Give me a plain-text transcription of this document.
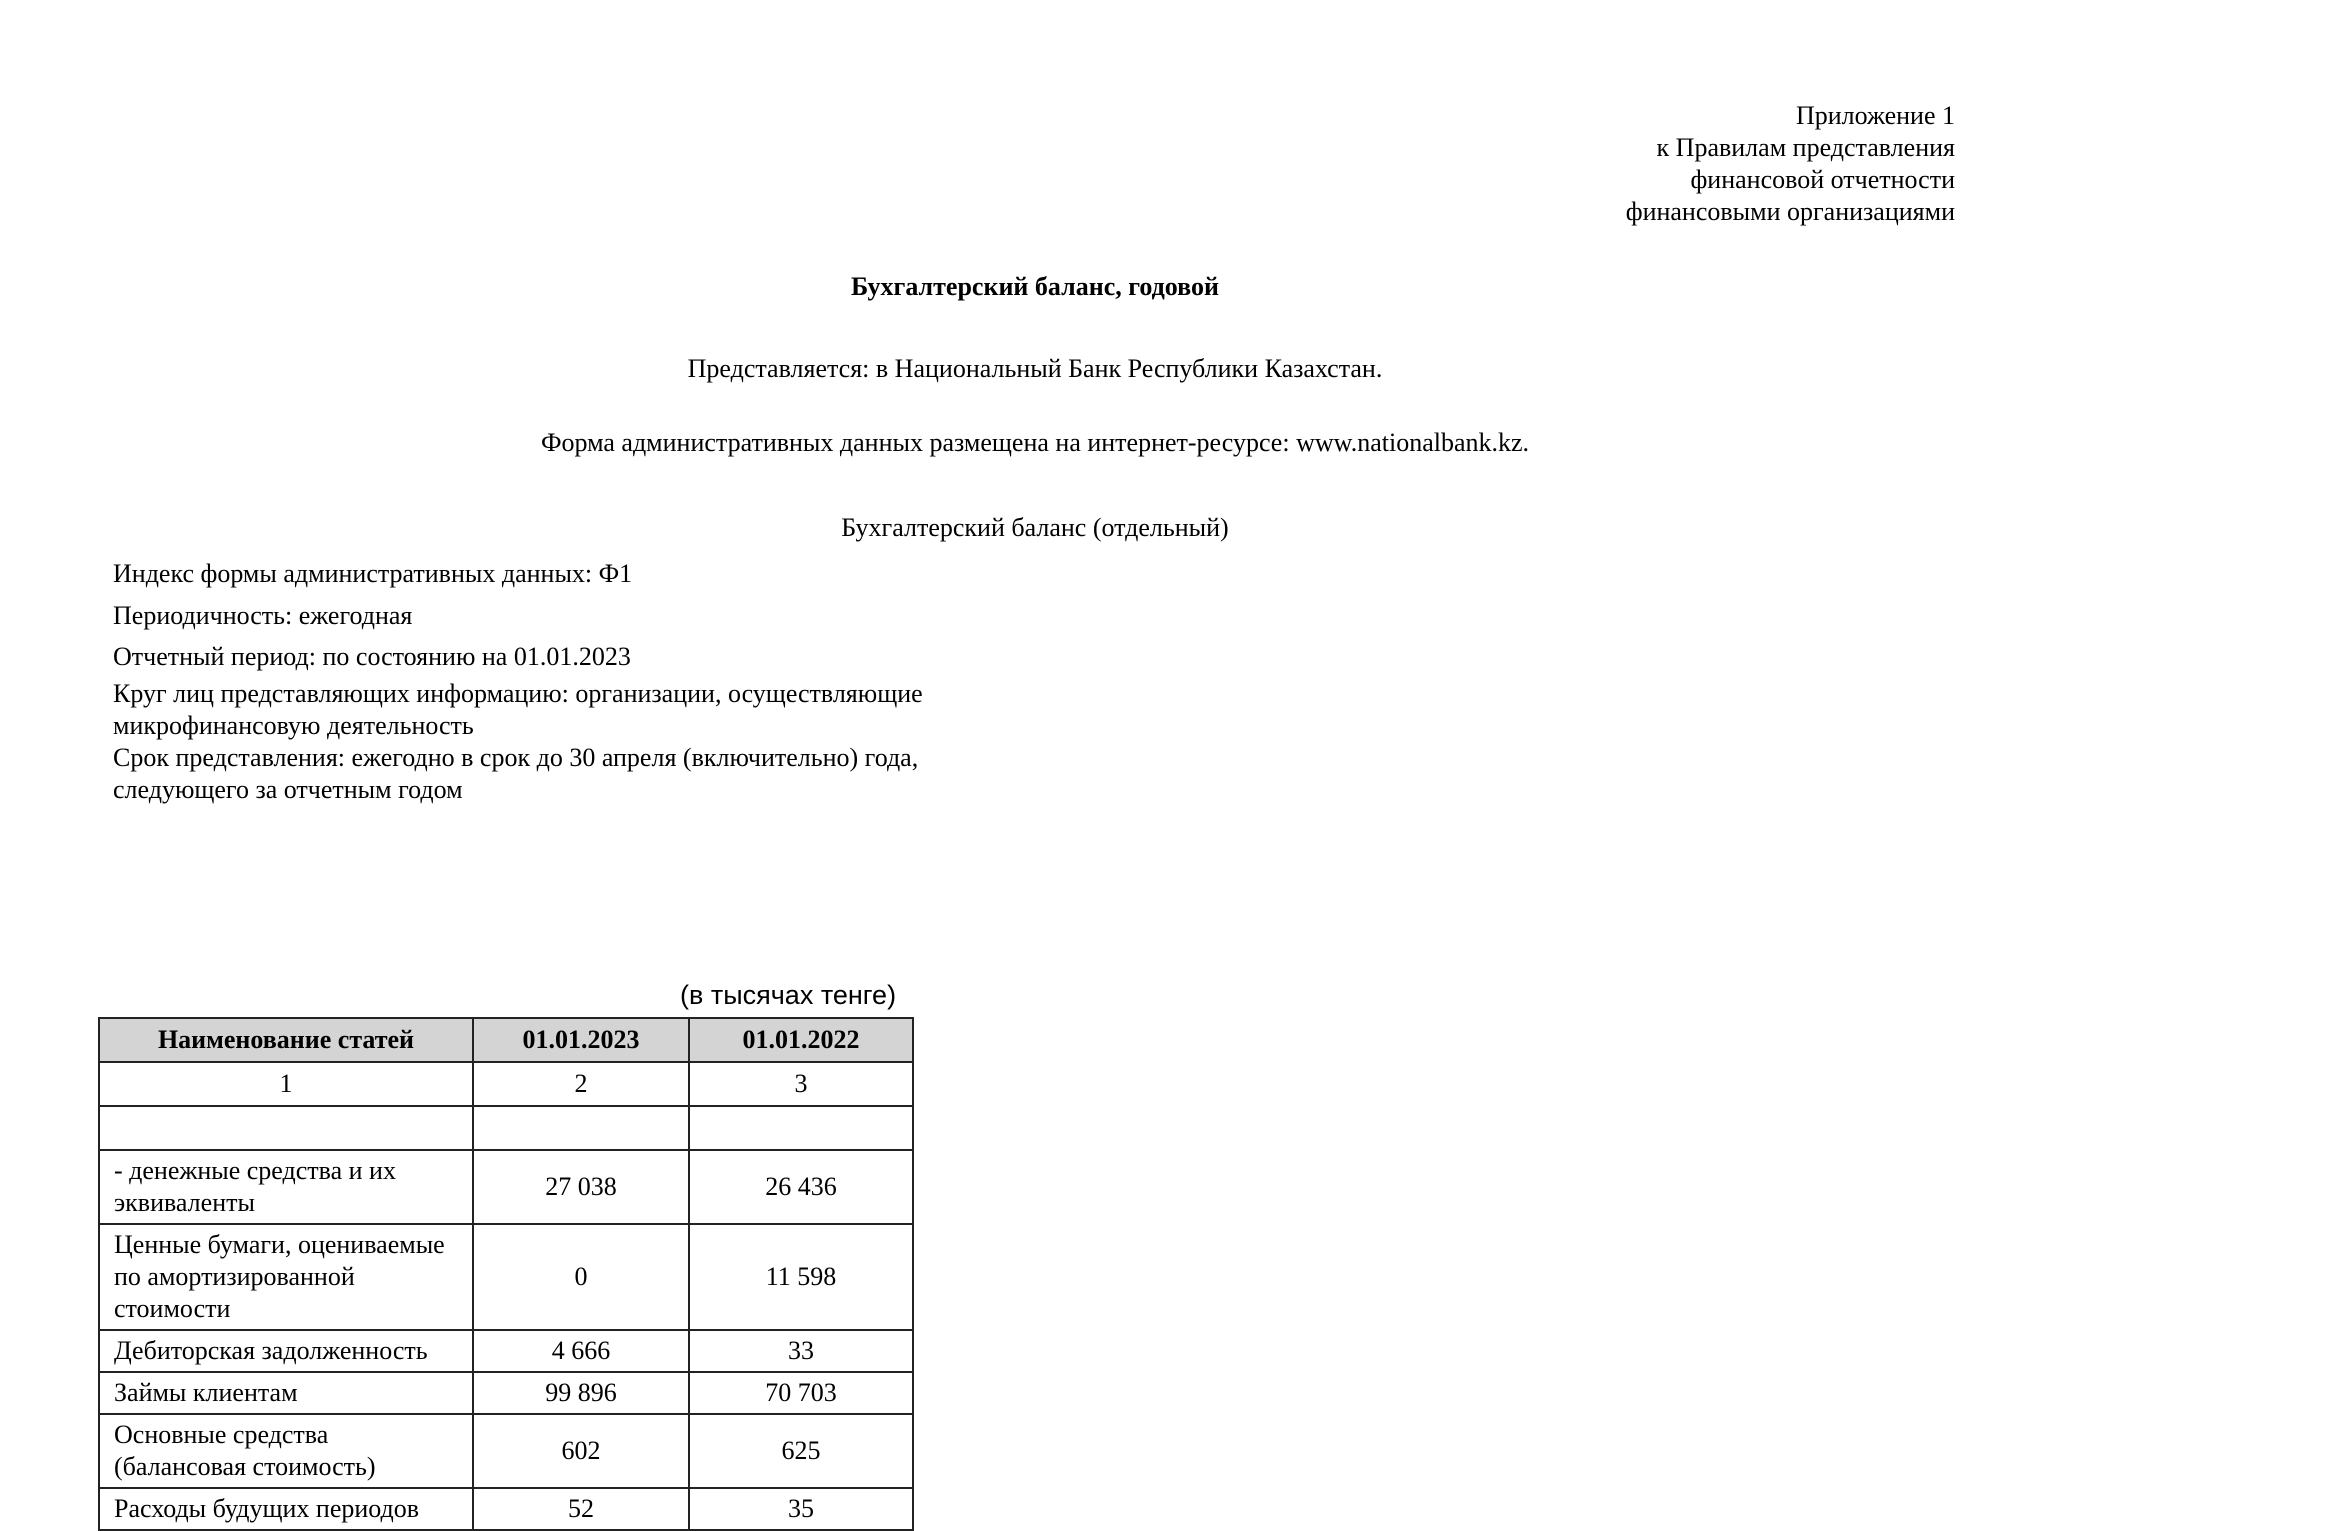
Приложение 1
к Правилам представления
финансовой отчетности
финансовыми организациями
Бухгалтерский баланс, годовой
Представляется: в Национальный Банк Республики Казахстан.
Форма административных данных размещена на интернет-ресурсе: www.nationalbank.kz.
Бухгалтерский баланс (отдельный)
Индекс формы административных данных: Ф1
Периодичность: ежегодная
Отчетный период: по состоянию на 01.01.2023
Круг лиц представляющих информацию: организации, осуществляющие микрофинансовую деятельность
Срок представления: ежегодно в срок до 30 апреля (включительно) года, следующего за отчетным годом
(в тысячах тенге)
Наименование статей	01.01.2023	01.01.2022
1	2	3

- денежные средства и их эквиваленты	27 038	26 436
Ценные бумаги, оцениваемые по амортизированной стоимости	0	11 598
Дебиторская задолженность	4 666	33
Займы клиентам	99 896	70 703
Основные средства (балансовая стоимость)	602	625
Расходы будущих периодов	52	35
